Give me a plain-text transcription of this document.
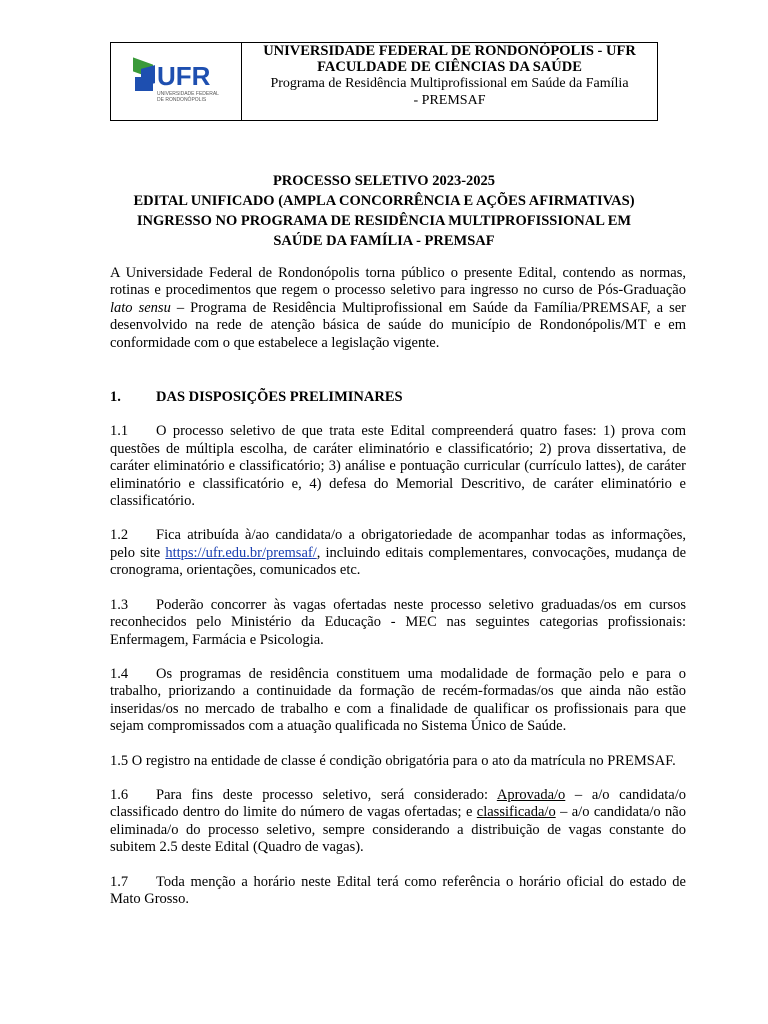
UFR
UNIVERSIDADE FEDERAL DE RONDONÓPOLIS
UNIVERSIDADE FEDERAL DE RONDONÓPOLIS - UFR
FACULDADE DE CIÊNCIAS DA SAÚDE
Programa de Residência Multiprofissional em Saúde da Família
- PREMSAF
PROCESSO SELETIVO 2023-2025
EDITAL UNIFICADO (AMPLA CONCORRÊNCIA E AÇÕES AFIRMATIVAS)
INGRESSO NO PROGRAMA DE RESIDÊNCIA MULTIPROFISSIONAL EM
SAÚDE DA FAMÍLIA - PREMSAF

A Universidade Federal de Rondonópolis torna público o presente Edital, contendo as normas, rotinas e procedimentos que regem o processo seletivo para ingresso no curso de Pós-Graduação lato sensu – Programa de Residência Multiprofissional em Saúde da Família/PREMSAF, a ser desenvolvido na rede de atenção básica de saúde do município de Rondonópolis/MT e em conformidade com o que estabelece a legislação vigente.

1.	DAS DISPOSIÇÕES PRELIMINARES

1.1 O processo seletivo de que trata este Edital compreenderá quatro fases: 1) prova com questões de múltipla escolha, de caráter eliminatório e classificatório; 2) prova dissertativa, de caráter eliminatório e classificatório; 3) análise e pontuação curricular (currículo lattes), de caráter eliminatório e classificatório e, 4) defesa do Memorial Descritivo, de caráter eliminatório e classificatório.

1.2 Fica atribuída à/ao candidata/o a obrigatoriedade de acompanhar todas as informações, pelo site https://ufr.edu.br/premsaf/, incluindo editais complementares, convocações, mudança de cronograma, orientações, comunicados etc.

1.3 Poderão concorrer às vagas ofertadas neste processo seletivo graduadas/os em cursos reconhecidos pelo Ministério da Educação - MEC nas seguintes categorias profissionais: Enfermagem, Farmácia e Psicologia.

1.4 Os programas de residência constituem uma modalidade de formação pelo e para o trabalho, priorizando a continuidade da formação de recém-formadas/os que ainda não estão inseridas/os no mercado de trabalho e com a finalidade de qualificar os profissionais para que sejam compromissados com a atuação qualificada no Sistema Único de Saúde.

1.5 O registro na entidade de classe é condição obrigatória para o ato da matrícula no PREMSAF.

1.6 Para fins deste processo seletivo, será considerado: Aprovada/o – a/o candidata/o classificado dentro do limite do número de vagas ofertadas; e classificada/o – a/o candidata/o não eliminada/o do processo seletivo, sempre considerando a distribuição de vagas constante do subitem 2.5 deste Edital (Quadro de vagas).

1.7 Toda menção a horário neste Edital terá como referência o horário oficial do estado de Mato Grosso.
